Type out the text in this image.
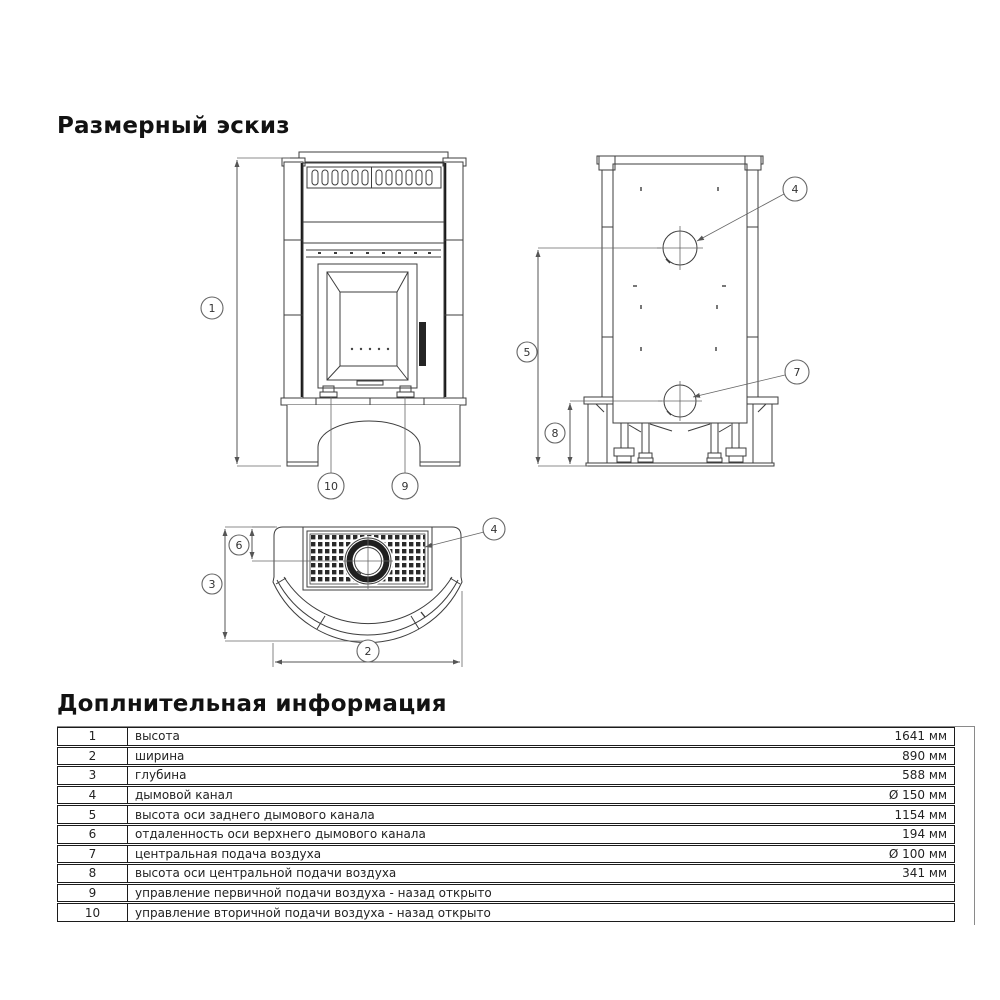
Размерный эскиз
1
10	9
5
8
4
7
6
3
2
4
Доплнительная информация
1	высота	1641 мм
2	ширина	890 мм
3	глубина	588 мм
4	дымовой канал	Ø 150 мм
5	высота оси заднего дымового канала	1154 мм
6	отдаленность оси верхнего дымового канала	194 мм
7	центральная подача воздуха	Ø 100 мм
8	высота оси центральной подачи воздуха	341 мм
9	управление первичной подачи воздуха - назад открыто
10	управление вторичной подачи воздуха - назад открыто
